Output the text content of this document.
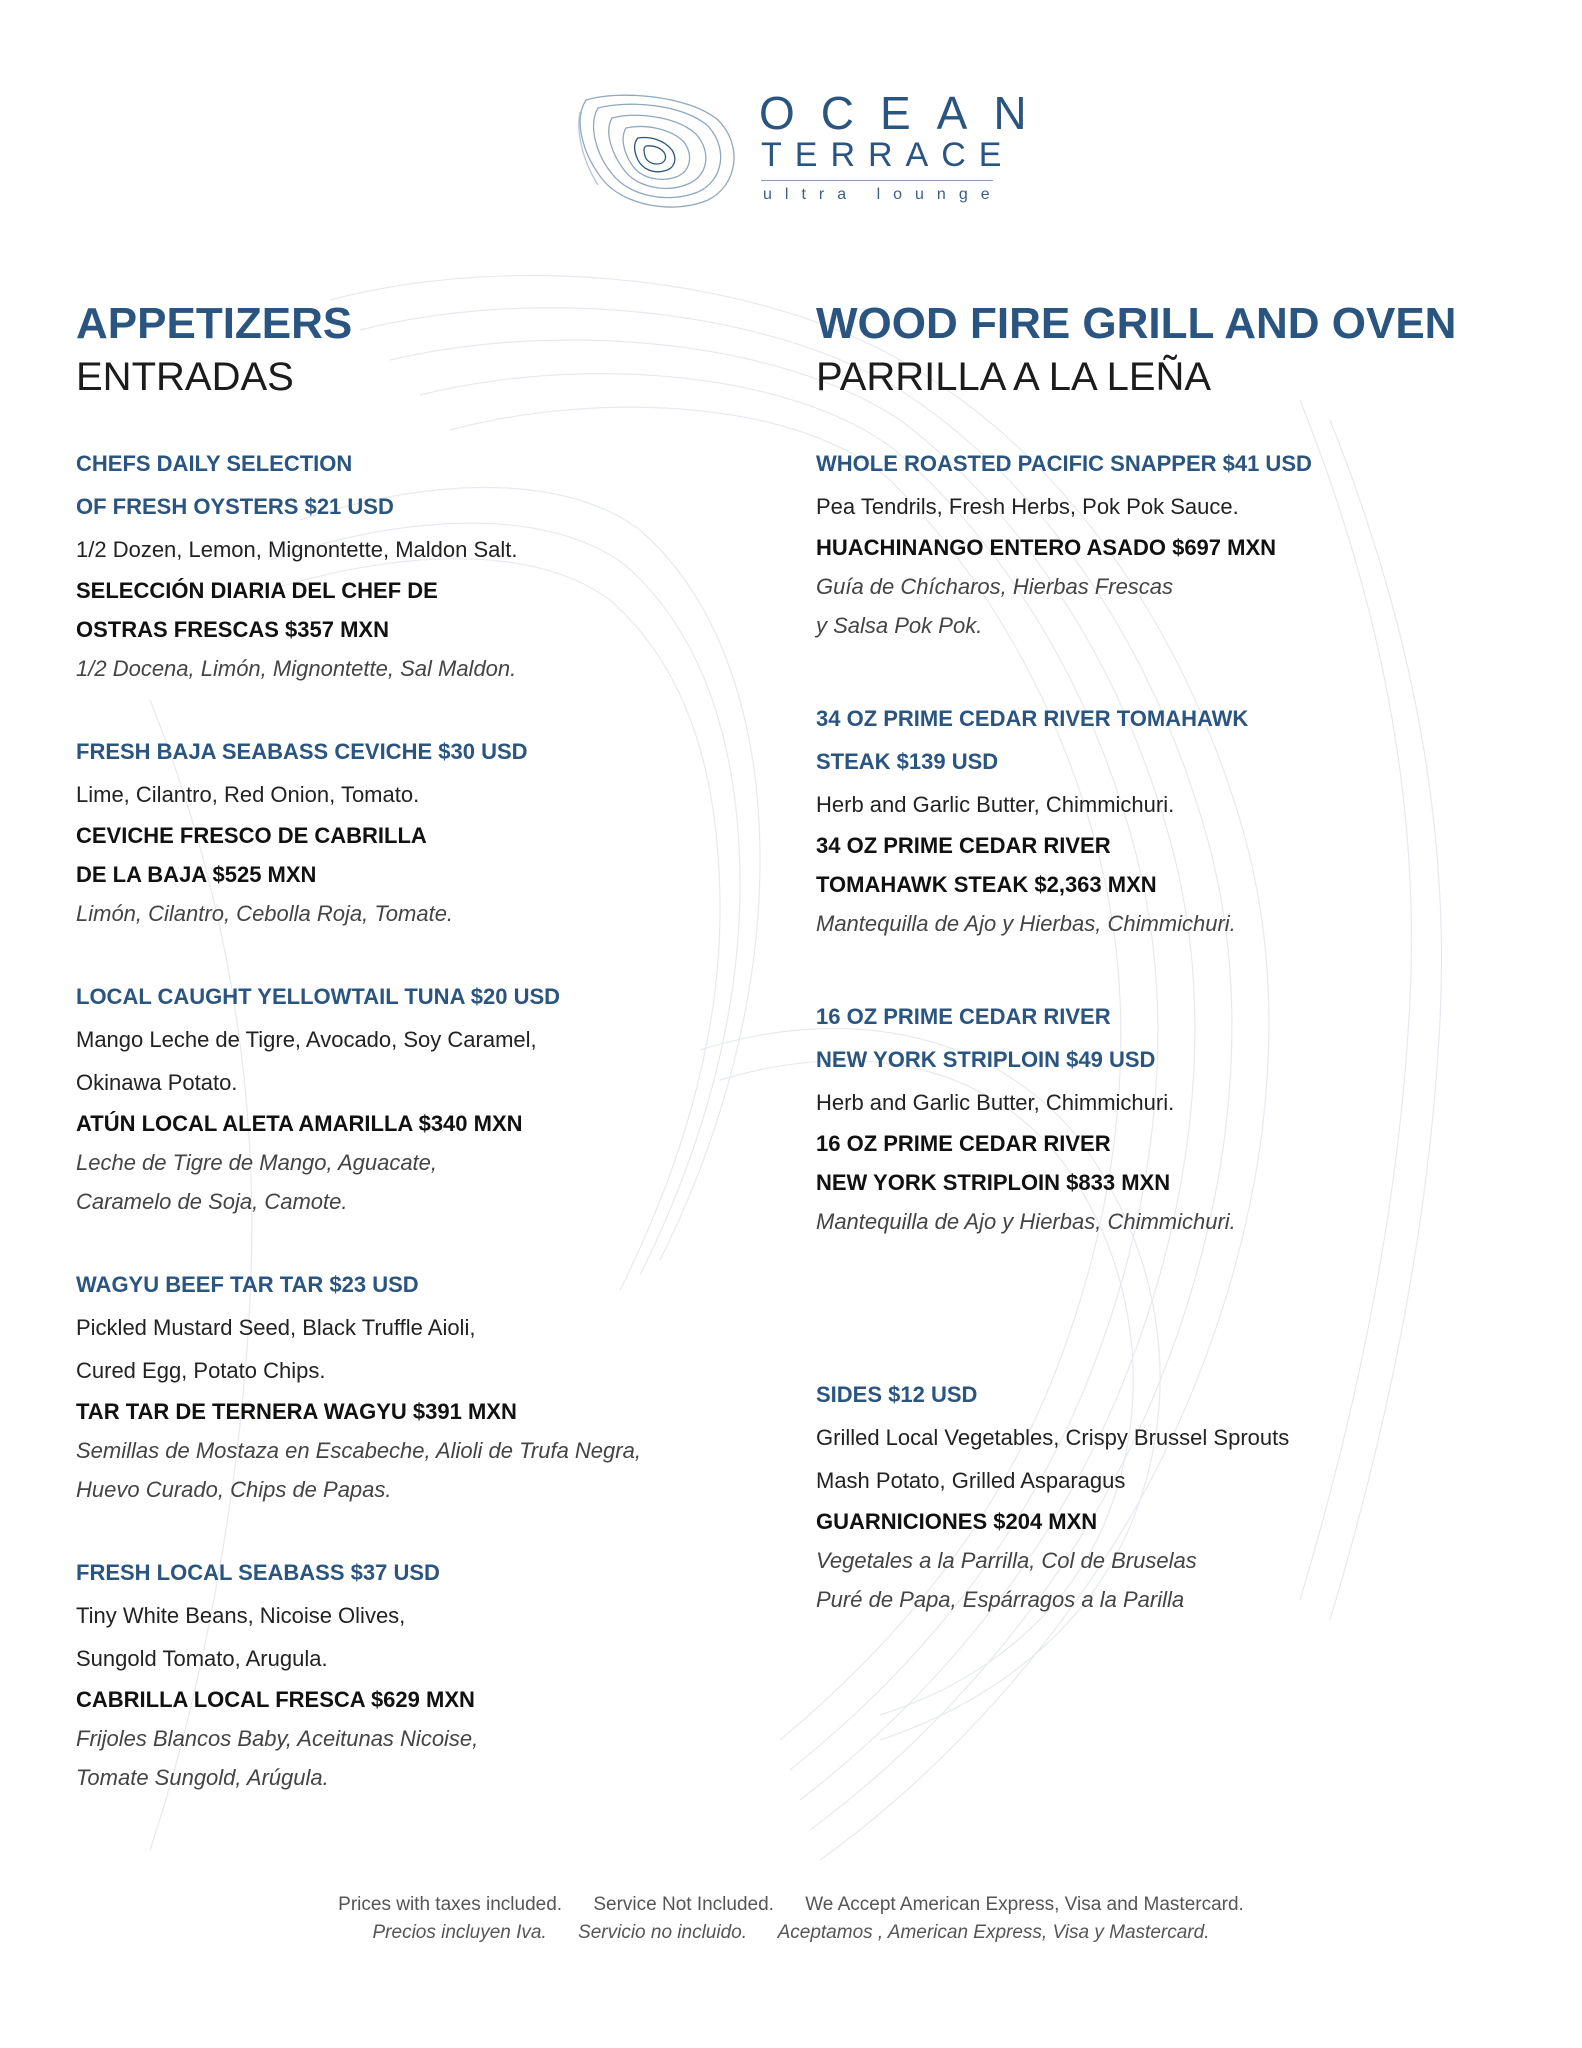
OCEAN
TERRACE
ultra lounge
APPETIZERS
ENTRADAS
CHEFS DAILY SELECTION
OF FRESH OYSTERS $21 USD
1/2 Dozen, Lemon, Mignontette, Maldon Salt.
SELECCIÓN DIARIA DEL CHEF DE
OSTRAS FRESCAS $357 MXN
1/2 Docena, Limón, Mignontette, Sal Maldon.
FRESH BAJA SEABASS CEVICHE $30 USD
Lime, Cilantro, Red Onion, Tomato.
CEVICHE FRESCO DE CABRILLA
DE LA BAJA $525 MXN
Limón, Cilantro, Cebolla Roja, Tomate.
LOCAL CAUGHT YELLOWTAIL TUNA $20 USD
Mango Leche de Tigre, Avocado, Soy Caramel,
Okinawa Potato.
ATÚN LOCAL ALETA AMARILLA $340 MXN
Leche de Tigre de Mango, Aguacate,
Caramelo de Soja, Camote.
WAGYU BEEF TAR TAR $23 USD
Pickled Mustard Seed, Black Truffle Aioli,
Cured Egg, Potato Chips.
TAR TAR DE TERNERA WAGYU $391 MXN
Semillas de Mostaza en Escabeche, Alioli de Trufa Negra,
Huevo Curado, Chips de Papas.
FRESH LOCAL SEABASS $37 USD
Tiny White Beans, Nicoise Olives,
Sungold Tomato, Arugula.
CABRILLA LOCAL FRESCA $629 MXN
Frijoles Blancos Baby, Aceitunas Nicoise,
Tomate Sungold, Arúgula.
WOOD FIRE GRILL AND OVEN
PARRILLA A LA LEÑA
WHOLE ROASTED PACIFIC SNAPPER $41 USD
Pea Tendrils, Fresh Herbs, Pok Pok Sauce.
HUACHINANGO ENTERO ASADO $697 MXN
Guía de Chícharos, Hierbas Frescas
y Salsa Pok Pok.
34 OZ PRIME CEDAR RIVER TOMAHAWK
STEAK $139 USD
Herb and Garlic Butter, Chimmichuri.
34 OZ PRIME CEDAR RIVER
TOMAHAWK STEAK $2,363 MXN
Mantequilla de Ajo y Hierbas, Chimmichuri.
16 OZ PRIME CEDAR RIVER
NEW YORK STRIPLOIN $49 USD
Herb and Garlic Butter, Chimmichuri.
16 OZ PRIME CEDAR RIVER
NEW YORK STRIPLOIN $833 MXN
Mantequilla de Ajo y Hierbas, Chimmichuri.
SIDES $12 USD
Grilled Local Vegetables, Crispy Brussel Sprouts
Mash Potato, Grilled Asparagus
GUARNICIONES $204 MXN
Vegetales a la Parrilla, Col de Bruselas
Puré de Papa, Espárragos a la Parilla
Prices with taxes included. Service Not Included. We Accept American Express, Visa and Mastercard.
Precios incluyen Iva. Servicio no incluido. Aceptamos , American Express, Visa y Mastercard.
